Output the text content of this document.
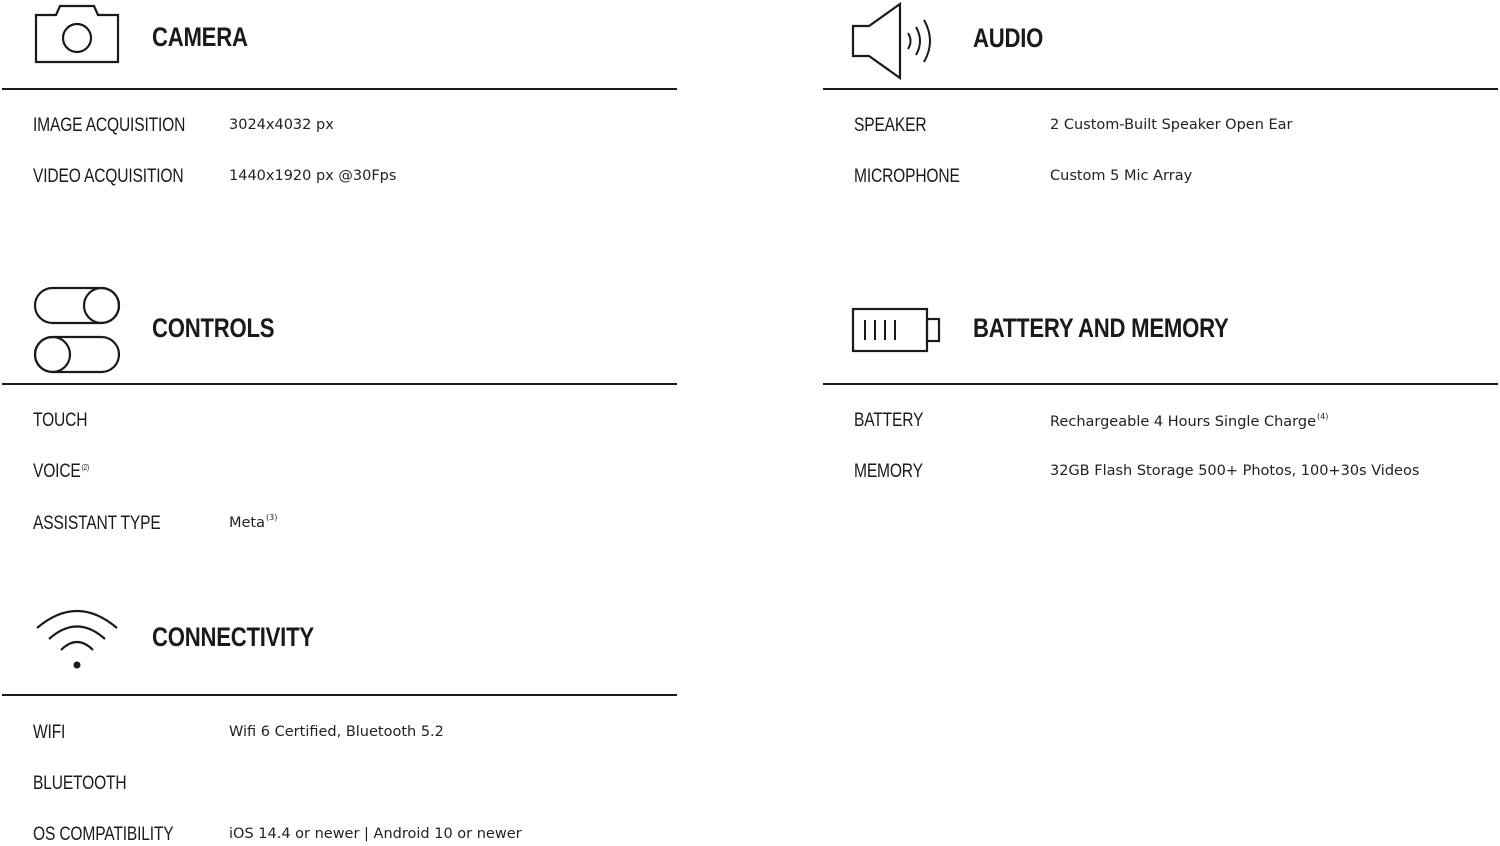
CAMERA
IMAGE ACQUISITION	3024x4032 px
VIDEO ACQUISITION	1440x1920 px @30Fps
AUDIO
SPEAKER	2 Custom-Built Speaker Open Ear
MICROPHONE	Custom 5 Mic Array
CONTROLS
TOUCH
VOICE$^{(2)}$
ASSISTANT TYPE	Meta$^{(3)}$
BATTERY AND MEMORY
BATTERY	Rechargeable 4 Hours Single Charge$^{(4)}$
MEMORY	32GB Flash Storage 500+ Photos, 100+30s Videos
CONNECTIVITY
WIFI	Wifi 6 Certified, Bluetooth 5.2
BLUETOOTH
OS COMPATIBILITY	iOS 14.4 or newer | Android 10 or newer
